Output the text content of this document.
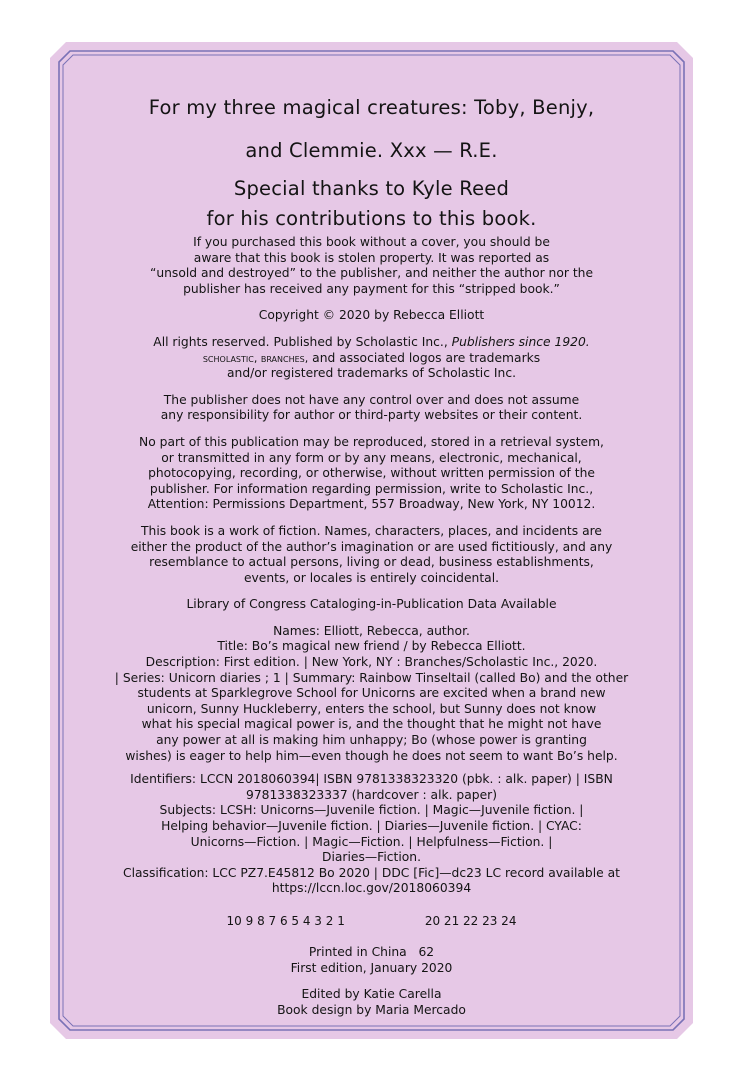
For my three magical creatures: Toby, Benjy,

and Clemmie. Xxx — R.E.

Special thanks to Kyle Reed

for his contributions to this book.

If you purchased this book without a cover, you should be

aware that this book is stolen property. It was reported as

“unsold and destroyed” to the publisher, and neither the author nor the

publisher has received any payment for this “stripped book.”

Copyright © 2020 by Rebecca Elliott

All rights reserved. Published by Scholastic Inc., Publishers since 1920.

scholastic, branches, and associated logos are trademarks

and/or registered trademarks of Scholastic Inc.

The publisher does not have any control over and does not assume

any responsibility for author or third-party websites or their content.

No part of this publication may be reproduced, stored in a retrieval system,

or transmitted in any form or by any means, electronic, mechanical,

photocopying, recording, or otherwise, without written permission of the

publisher. For information regarding permission, write to Scholastic Inc.,

Attention: Permissions Department, 557 Broadway, New York, NY 10012.

This book is a work of fiction. Names, characters, places, and incidents are

either the product of the author’s imagination or are used fictitiously, and any

resemblance to actual persons, living or dead, business establishments,

events, or locales is entirely coincidental.

Library of Congress Cataloging-in-Publication Data Available

Names: Elliott, Rebecca, author.

Title: Bo’s magical new friend / by Rebecca Elliott.

Description: First edition. | New York, NY : Branches/Scholastic Inc., 2020.

| Series: Unicorn diaries ; 1 | Summary: Rainbow Tinseltail (called Bo) and the other

students at Sparklegrove School for Unicorns are excited when a brand new

unicorn, Sunny Huckleberry, enters the school, but Sunny does not know

what his special magical power is, and the thought that he might not have

any power at all is making him unhappy; Bo (whose power is granting

wishes) is eager to help him—even though he does not seem to want Bo’s help.

Identifiers: LCCN 2018060394| ISBN 9781338323320 (pbk. : alk. paper) | ISBN

9781338323337 (hardcover : alk. paper)

Subjects: LCSH: Unicorns—Juvenile fiction. | Magic—Juvenile fiction. |

Helping behavior—Juvenile fiction. | Diaries—Juvenile fiction. | CYAC:

Unicorns—Fiction. | Magic—Fiction. | Helpfulness—Fiction. |

Diaries—Fiction.

Classification: LCC PZ7.E45812 Bo 2020 | DDC [Fic]—dc23 LC record available at

https://lccn.loc.gov/2018060394

10 9 8 7 6 5 4 3 2 1	20 21 22 23 24

Printed in China   62

First edition, January 2020

Edited by Katie Carella

Book design by Maria Mercado
